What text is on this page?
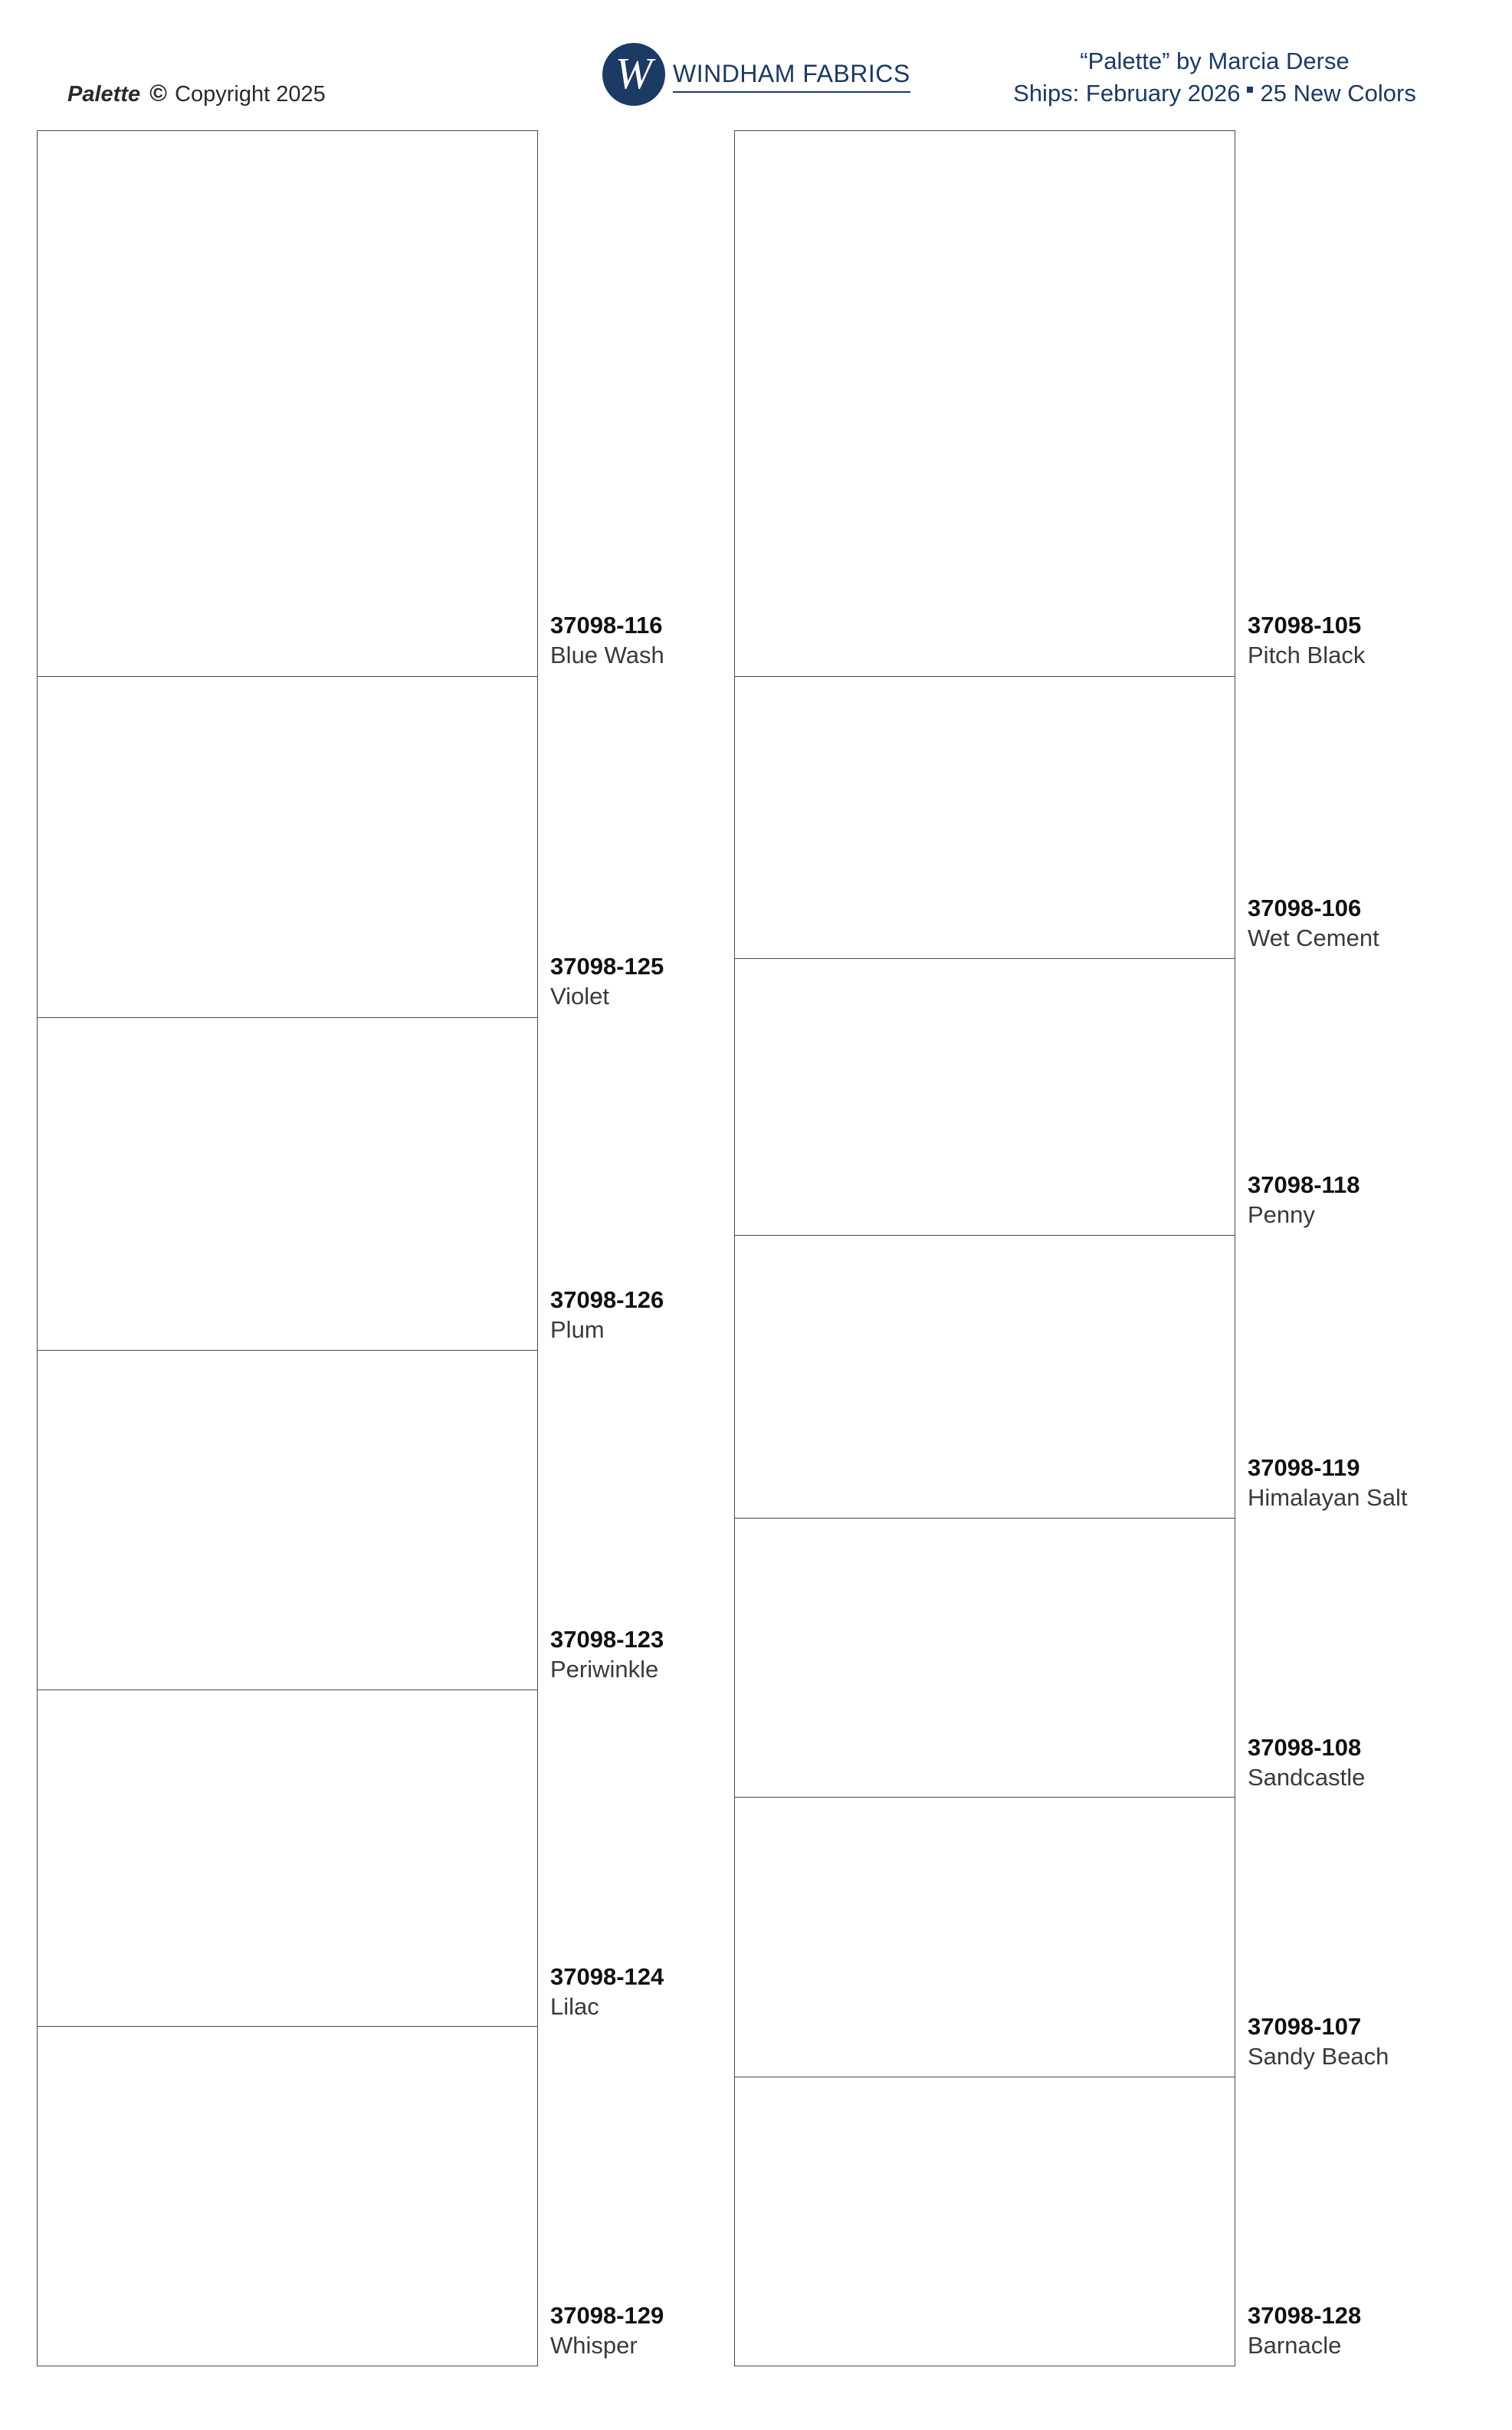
Palette © Copyright 2025	W WINDHAM FABRICS	“Palette” by Marcia Derse
Ships: February 2026 25 New Colors
37098-116
Blue Wash
37098-125
Violet
37098-126
Plum
37098-123
Periwinkle
37098-124
Lilac
37098-129
Whisper
37098-105
Pitch Black
37098-106
Wet Cement
37098-118
Penny
37098-119
Himalayan Salt
37098-108
Sandcastle
37098-107
Sandy Beach
37098-128
Barnacle
